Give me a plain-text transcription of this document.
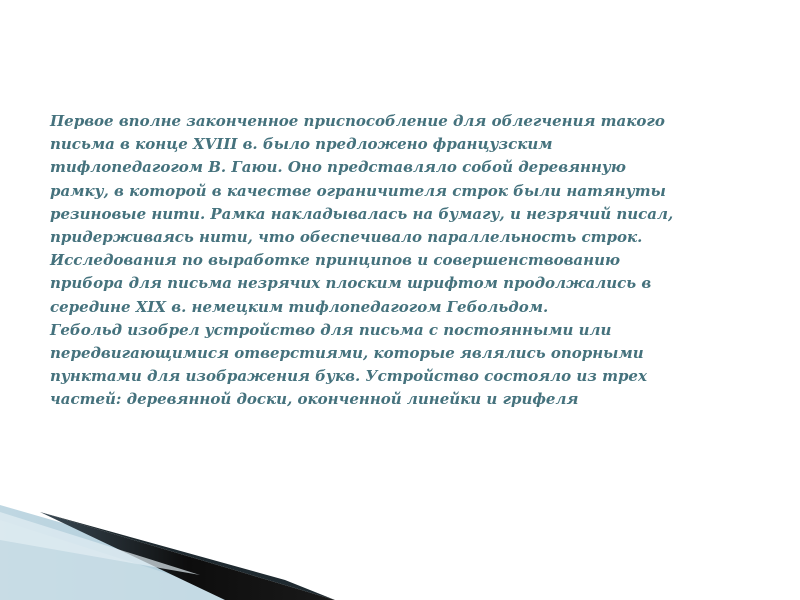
Первое вполне законченное приспособление для облегчения такого
письма в конце XVIII в. было предложено французским
тифлопедагогом В. Гаюи. Оно представляло собой деревянную
рамку, в которой в качестве ограничителя строк были натянуты
резиновые нити. Рамка накладывалась на бумагу, и незрячий писал,
придерживаясь нити, что обеспечивало параллельность строк.
Исследования по выработке принципов и совершенствованию
прибора для письма незрячих плоским шрифтом продолжались в
середине XIX в. немецким тифлопедагогом Гебольдом.
Гебольд изобрел устройство для письма с постоянными или
передвигающимися отверстиями, которые являлись опорными
пунктами для изображения букв. Устройство состояло из трех
частей: деревянной доски, оконченной линейки и грифеля
